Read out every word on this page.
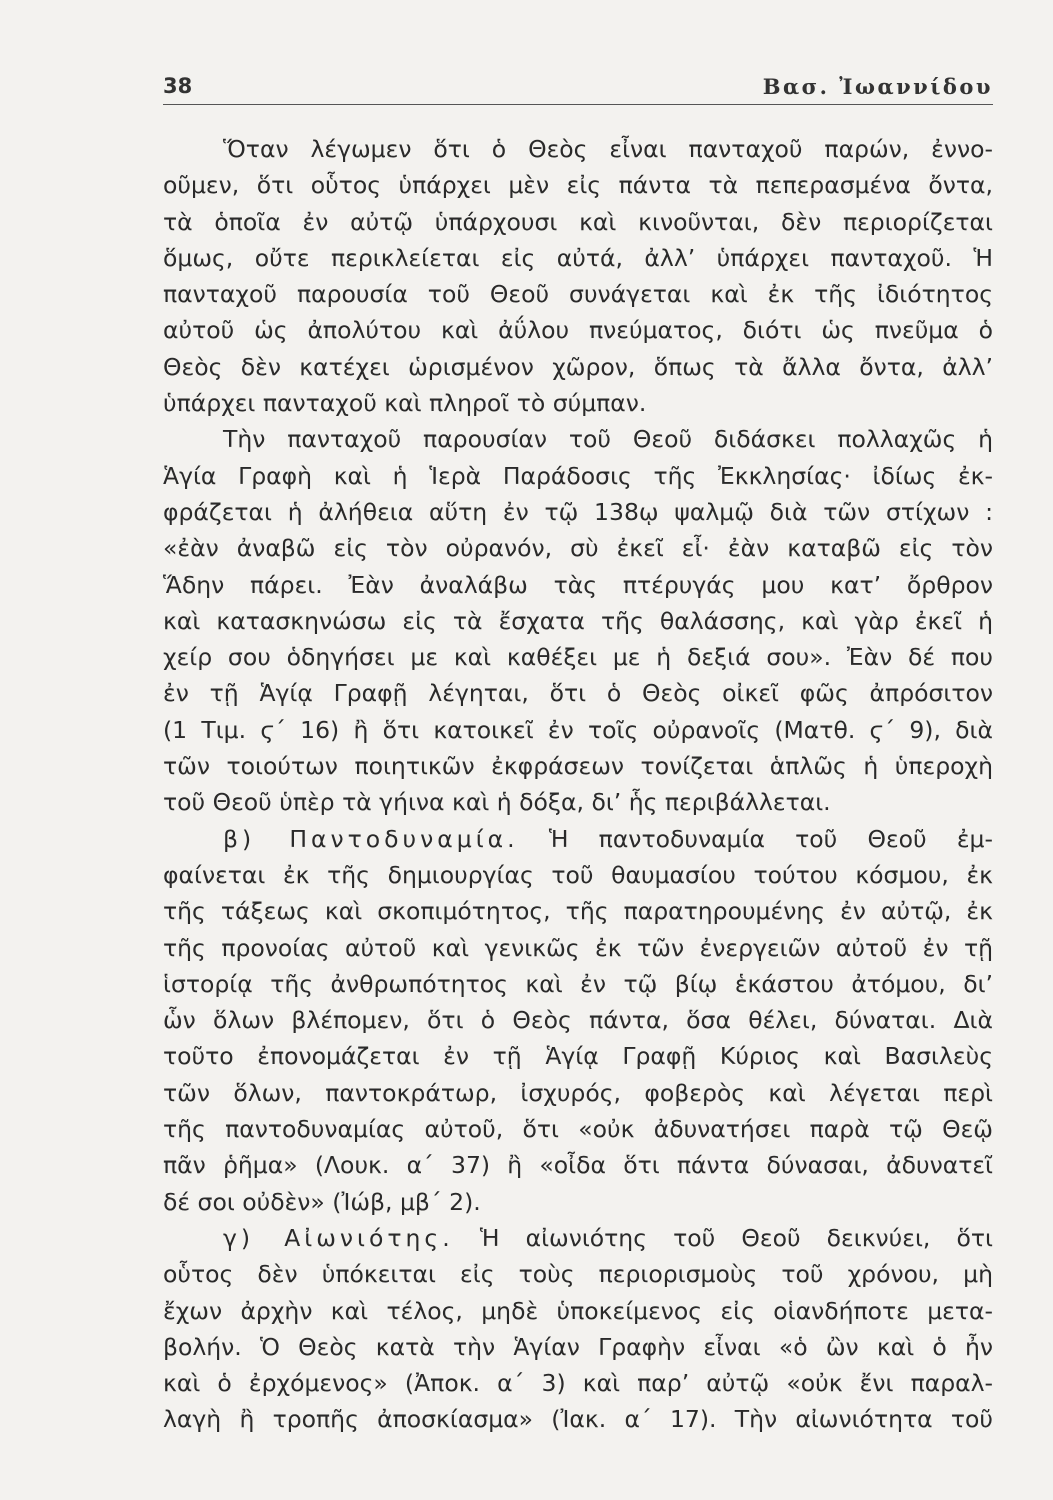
38	Βασ. Ἰωαννίδου
Ὅταν λέγωμεν ὅτι ὁ Θεὸς εἶναι πανταχοῦ παρών, ἐννο-
οῦμεν, ὅτι οὗτος ὑπάρχει μὲν εἰς πάντα τὰ πεπερασμένα ὄντα,
τὰ ὁποῖα ἐν αὐτῷ ὑπάρχουσι καὶ κινοῦνται, δὲν περιορίζεται
ὅμως, οὔτε περικλείεται εἰς αὐτά, ἀλλ’ ὑπάρχει πανταχοῦ. Ἡ
πανταχοῦ παρουσία τοῦ Θεοῦ συνάγεται καὶ ἐκ τῆς ἰδιότητος
αὐτοῦ ὡς ἀπολύτου καὶ ἀΰλου πνεύματος, διότι ὡς πνεῦμα ὁ
Θεὸς δὲν κατέχει ὡρισμένον χῶρον, ὅπως τὰ ἄλλα ὄντα, ἀλλ’
ὑπάρχει πανταχοῦ καὶ πληροῖ τὸ σύμπαν.
Τὴν πανταχοῦ παρουσίαν τοῦ Θεοῦ διδάσκει πολλαχῶς ἡ
Ἁγία Γραφὴ καὶ ἡ Ἱερὰ Παράδοσις τῆς Ἐκκλησίας· ἰδίως ἐκ-
φράζεται ἡ ἀλήθεια αὕτη ἐν τῷ 138ῳ ψαλμῷ διὰ τῶν στίχων :
«ἐὰν ἀναβῶ εἰς τὸν οὐρανόν, σὺ ἐκεῖ εἶ· ἐὰν καταβῶ εἰς τὸν
Ἅδην πάρει. Ἐὰν ἀναλάβω τὰς πτέρυγάς μου κατ’ ὄρθρον
καὶ κατασκηνώσω εἰς τὰ ἔσχατα τῆς θαλάσσης, καὶ γὰρ ἐκεῖ ἡ
χείρ σου ὁδηγήσει με καὶ καθέξει με ἡ δεξιά σου». Ἐὰν δέ που
ἐν τῇ Ἁγίᾳ Γραφῇ λέγηται, ὅτι ὁ Θεὸς οἰκεῖ φῶς ἀπρόσιτον
(1 Τιμ. ϛ΄ 16) ἢ ὅτι κατοικεῖ ἐν τοῖς οὐρανοῖς (Ματθ. ϛ΄ 9), διὰ
τῶν τοιούτων ποιητικῶν ἐκφράσεων τονίζεται ἁπλῶς ἡ ὑπεροχὴ
τοῦ Θεοῦ ὑπὲρ τὰ γήινα καὶ ἡ δόξα, δι’ ἧς περιβάλλεται.
β) Παντοδυναμία. Ἡ παντοδυναμία τοῦ Θεοῦ ἐμ-
φαίνεται ἐκ τῆς δημιουργίας τοῦ θαυμασίου τούτου κόσμου, ἐκ
τῆς τάξεως καὶ σκοπιμότητος, τῆς παρατηρουμένης ἐν αὐτῷ, ἐκ
τῆς προνοίας αὐτοῦ καὶ γενικῶς ἐκ τῶν ἐνεργειῶν αὐτοῦ ἐν τῇ
ἱστορίᾳ τῆς ἀνθρωπότητος καὶ ἐν τῷ βίῳ ἑκάστου ἀτόμου, δι’
ὧν ὅλων βλέπομεν, ὅτι ὁ Θεὸς πάντα, ὅσα θέλει, δύναται. Διὰ
τοῦτο ἐπονομάζεται ἐν τῇ Ἁγίᾳ Γραφῇ Κύριος καὶ Βασιλεὺς
τῶν ὅλων, παντοκράτωρ, ἰσχυρός, φοβερὸς καὶ λέγεται περὶ
τῆς παντοδυναμίας αὐτοῦ, ὅτι «οὐκ ἀδυνατήσει παρὰ τῷ Θεῷ
πᾶν ῥῆμα» (Λουκ. α΄ 37) ἢ «οἶδα ὅτι πάντα δύνασαι, ἀδυνατεῖ
δέ σοι οὐδὲν» (Ἰώβ, μβ΄ 2).
γ) Αἰωνιότης. Ἡ αἰωνιότης τοῦ Θεοῦ δεικνύει, ὅτι
οὗτος δὲν ὑπόκειται εἰς τοὺς περιορισμοὺς τοῦ χρόνου, μὴ
ἔχων ἀρχὴν καὶ τέλος, μηδὲ ὑποκείμενος εἰς οἱανδήποτε μετα-
βολήν. Ὁ Θεὸς κατὰ τὴν Ἁγίαν Γραφὴν εἶναι «ὁ ὢν καὶ ὁ ἦν
καὶ ὁ ἐρχόμενος» (Ἀποκ. α΄ 3) καὶ παρ’ αὐτῷ «οὐκ ἔνι παραλ-
λαγὴ ἢ τροπῆς ἀποσκίασμα» (Ἰακ. α΄ 17). Τὴν αἰωνιότητα τοῦ
